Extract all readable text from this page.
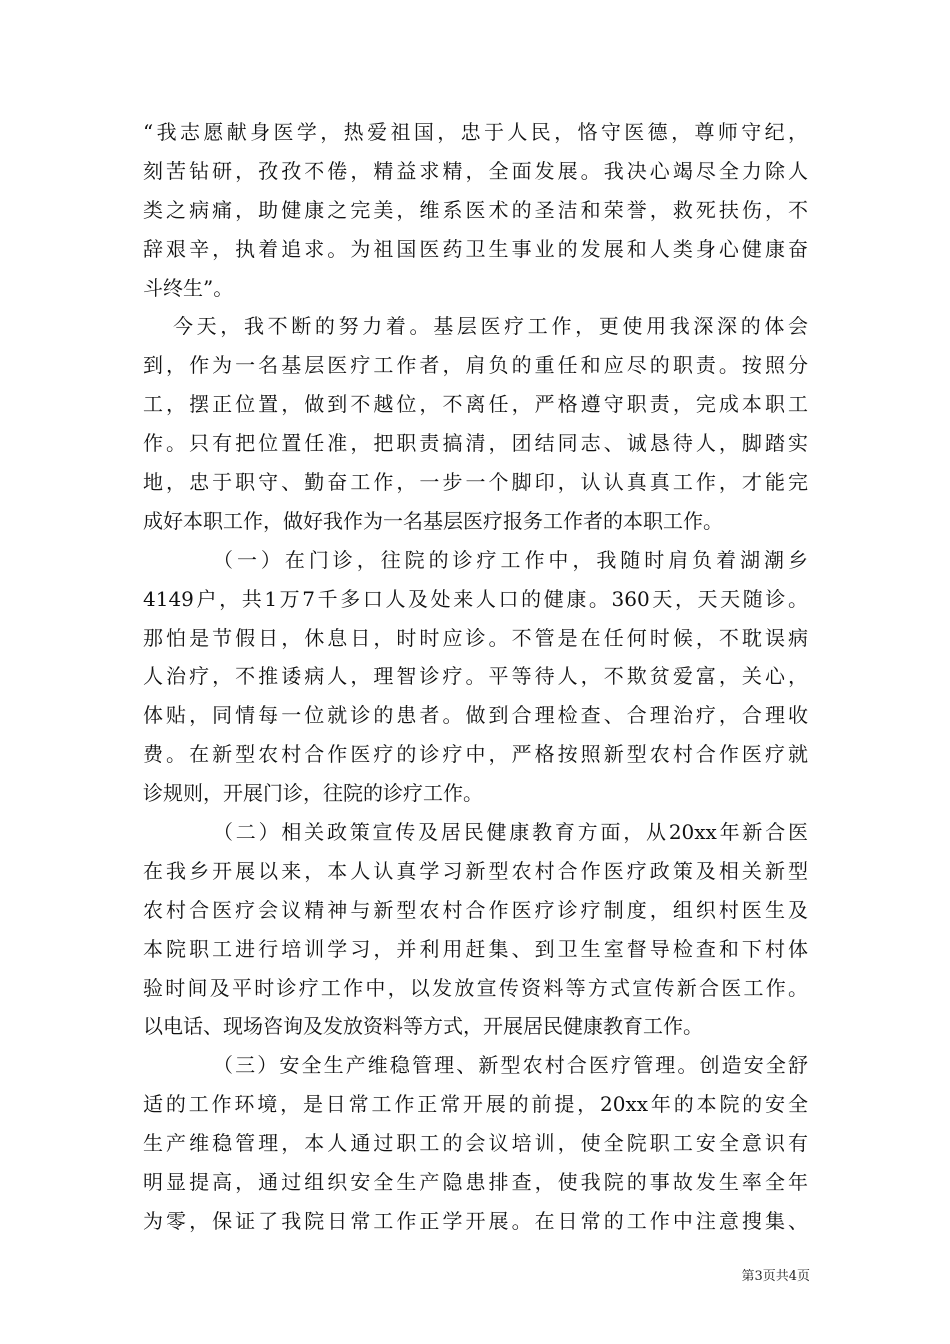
“我志愿献身医学，热爱祖国，忠于人民，恪守医德，尊师守纪，
刻苦钻研，孜孜不倦，精益求精，全面发展。我决心竭尽全力除人
类之病痛，助健康之完美，维系医术的圣洁和荣誉，救死扶伤，不
辞艰辛，执着追求。为祖国医药卫生事业的发展和人类身心健康奋
斗终生”。
今天，我不断的努力着。基层医疗工作，更使用我深深的体会
到，作为一名基层医疗工作者，肩负的重任和应尽的职责。按照分
工，摆正位置，做到不越位，不离任，严格遵守职责，完成本职工
作。只有把位置任准，把职责搞清，团结同志、诚恳待人，脚踏实
地，忠于职守、勤奋工作，一步一个脚印，认认真真工作，才能完
成好本职工作，做好我作为一名基层医疗报务工作者的本职工作。
（一）在门诊，往院的诊疗工作中，我随时肩负着湖潮乡
4149户，共1万7千多口人及处来人口的健康。360天，天天随诊。
那怕是节假日，休息日，时时应诊。不管是在任何时候，不耽误病
人治疗，不推诿病人，理智诊疗。平等待人，不欺贫爱富，关心，
体贴，同情每一位就诊的患者。做到合理检查、合理治疗，合理收
费。在新型农村合作医疗的诊疗中，严格按照新型农村合作医疗就
诊规则，开展门诊，往院的诊疗工作。
（二）相关政策宣传及居民健康教育方面，从20xx年新合医
在我乡开展以来，本人认真学习新型农村合作医疗政策及相关新型
农村合医疗会议精神与新型农村合作医疗诊疗制度，组织村医生及
本院职工进行培训学习，并利用赶集、到卫生室督导检查和下村体
验时间及平时诊疗工作中，以发放宣传资料等方式宣传新合医工作。
以电话、现场咨询及发放资料等方式，开展居民健康教育工作。
（三）安全生产维稳管理、新型农村合医疗管理。创造安全舒
适的工作环境，是日常工作正常开展的前提，20xx年的本院的安全
生产维稳管理，本人通过职工的会议培训，使全院职工安全意识有
明显提高，通过组织安全生产隐患排查，使我院的事故发生率全年
为零，保证了我院日常工作正学开展。在日常的工作中注意搜集、
第3页共4页
